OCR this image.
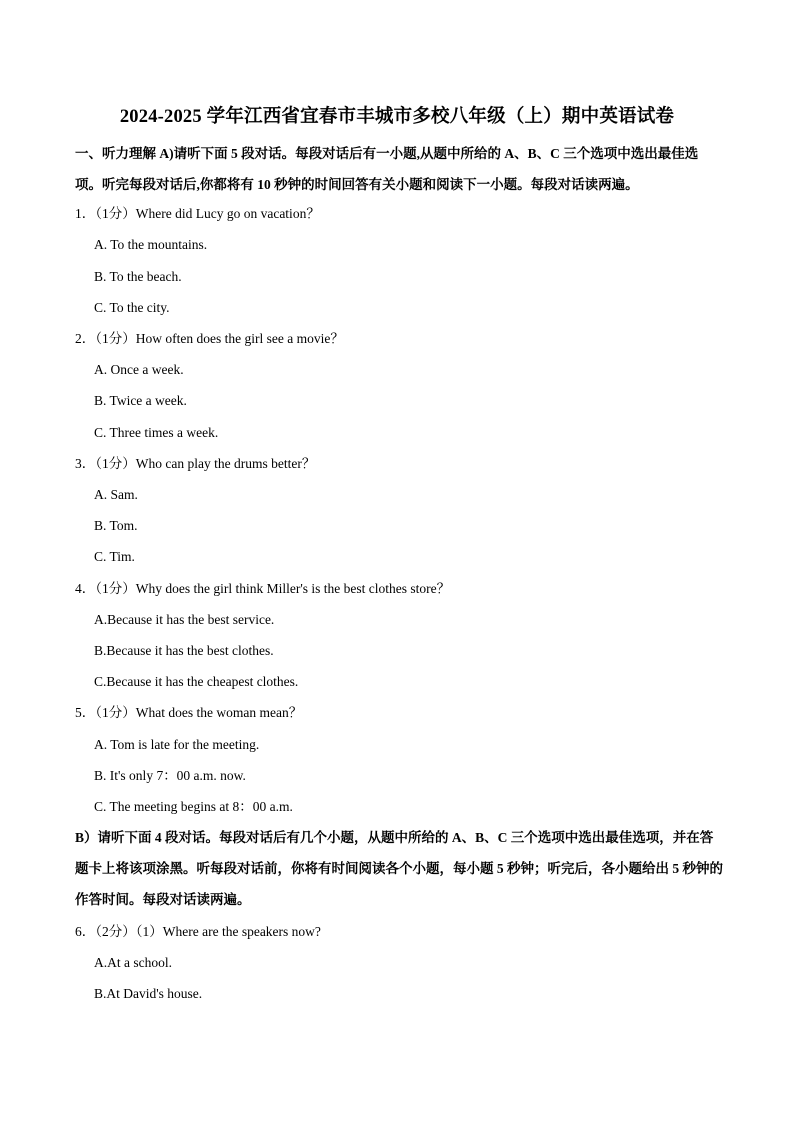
2024-2025 学年江西省宜春市丰城市多校八年级（上）期中英语试卷
一、听力理解 A)请听下面 5 段对话。每段对话后有一小题,从题中所给的 A、B、C 三个选项中选出最佳选项。听完每段对话后,你都将有 10 秒钟的时间回答有关小题和阅读下一小题。每段对话读两遍。
1．（1分）Where did Lucy go on vacation？
A. To the mountains.
B. To the beach.
C. To the city.
2．（1分）How often does the girl see a movie？
A. Once a week.
B. Twice a week.
C. Three times a week.
3．（1分）Who can play the drums better？
A. Sam.
B. Tom.
C. Tim.
4．（1分）Why does the girl think Miller's is the best clothes store？
A.Because it has the best service.
B.Because it has the best clothes.
C.Because it has the cheapest clothes.
5．（1分）What does the woman mean？
A. Tom is late for the meeting.
B. It's only 7：00 a.m. now.
C. The meeting begins at 8：00 a.m.
B）请听下面 4 段对话。每段对话后有几个小题，从题中所给的 A、B、C 三个选项中选出最佳选项，并在答题卡上将该项涂黑。听每段对话前，你将有时间阅读各个小题，每小题 5 秒钟；听完后，各小题给出 5 秒钟的作答时间。每段对话读两遍。
6．（2分）（1）Where are the speakers now?
A.At a school.
B.At David's house.
